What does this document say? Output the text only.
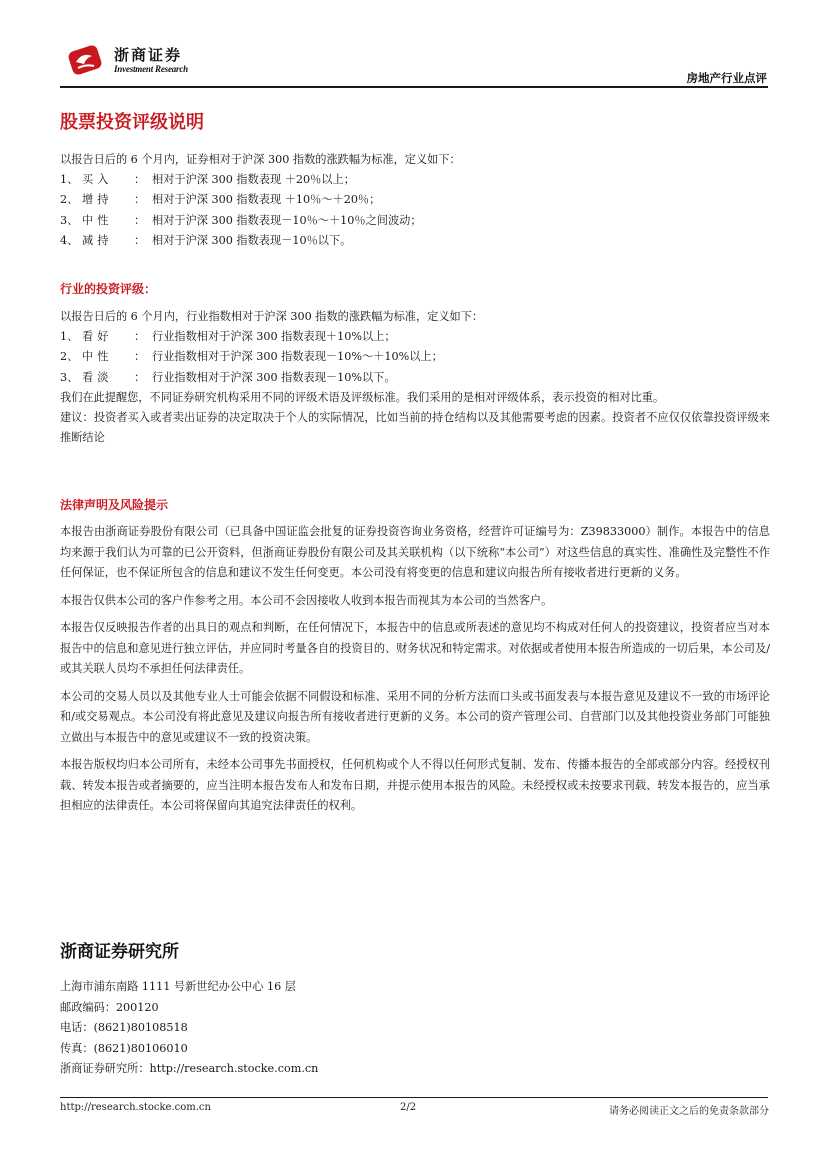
浙商证券
Investment Research
房地产行业点评
股票投资评级说明
以报告日后的 6 个月内，证券相对于沪深 300 指数的涨跌幅为标准，定义如下：
1、 买入	： 相对于沪深 300 指数表现 ＋20％以上；
2、 增持	： 相对于沪深 300 指数表现 ＋10％～＋20％；
3、 中性	： 相对于沪深 300 指数表现－10％～＋10％之间波动；
4、 减持	： 相对于沪深 300 指数表现－10％以下。
行业的投资评级：
以报告日后的 6 个月内，行业指数相对于沪深 300 指数的涨跌幅为标准，定义如下：
1、 看好	： 行业指数相对于沪深 300 指数表现＋10%以上；
2、 中性	： 行业指数相对于沪深 300 指数表现－10%～＋10%以上；
3、 看淡	： 行业指数相对于沪深 300 指数表现－10%以下。

我们在此提醒您，不同证券研究机构采用不同的评级术语及评级标准。我们采用的是相对评级体系，表示投资的相对比重。

建议：投资者买入或者卖出证券的决定取决于个人的实际情况，比如当前的持仓结构以及其他需要考虑的因素。投资者不应仅仅依靠投资评级来推断结论

法律声明及风险提示

本报告由浙商证券股份有限公司（已具备中国证监会批复的证券投资咨询业务资格，经营许可证编号为：Z39833000）制作。本报告中的信息均来源于我们认为可靠的已公开资料，但浙商证券股份有限公司及其关联机构（以下统称“本公司”）对这些信息的真实性、准确性及完整性不作任何保证，也不保证所包含的信息和建议不发生任何变更。本公司没有将变更的信息和建议向报告所有接收者进行更新的义务。

本报告仅供本公司的客户作参考之用。本公司不会因接收人收到本报告而视其为本公司的当然客户。

本报告仅反映报告作者的出具日的观点和判断，在任何情况下，本报告中的信息或所表述的意见均不构成对任何人的投资建议，投资者应当对本报告中的信息和意见进行独立评估，并应同时考量各自的投资目的、财务状况和特定需求。对依据或者使用本报告所造成的一切后果，本公司及/或其关联人员均不承担任何法律责任。

本公司的交易人员以及其他专业人士可能会依据不同假设和标准、采用不同的分析方法而口头或书面发表与本报告意见及建议不一致的市场评论和/或交易观点。本公司没有将此意见及建议向报告所有接收者进行更新的义务。本公司的资产管理公司、自营部门以及其他投资业务部门可能独立做出与本报告中的意见或建议不一致的投资决策。

本报告版权均归本公司所有，未经本公司事先书面授权，任何机构或个人不得以任何形式复制、发布、传播本报告的全部或部分内容。经授权刊载、转发本报告或者摘要的，应当注明本报告发布人和发布日期，并提示使用本报告的风险。未经授权或未按要求刊载、转发本报告的，应当承担相应的法律责任。本公司将保留向其追究法律责任的权利。

浙商证券研究所
上海市浦东南路 1111 号新世纪办公中心 16 层
邮政编码：200120
电话：(8621)80108518
传真：(8621)80106010
浙商证券研究所：http://research.stocke.com.cn
http://research.stocke.com.cn	2/2	请务必阅读正文之后的免责条款部分
